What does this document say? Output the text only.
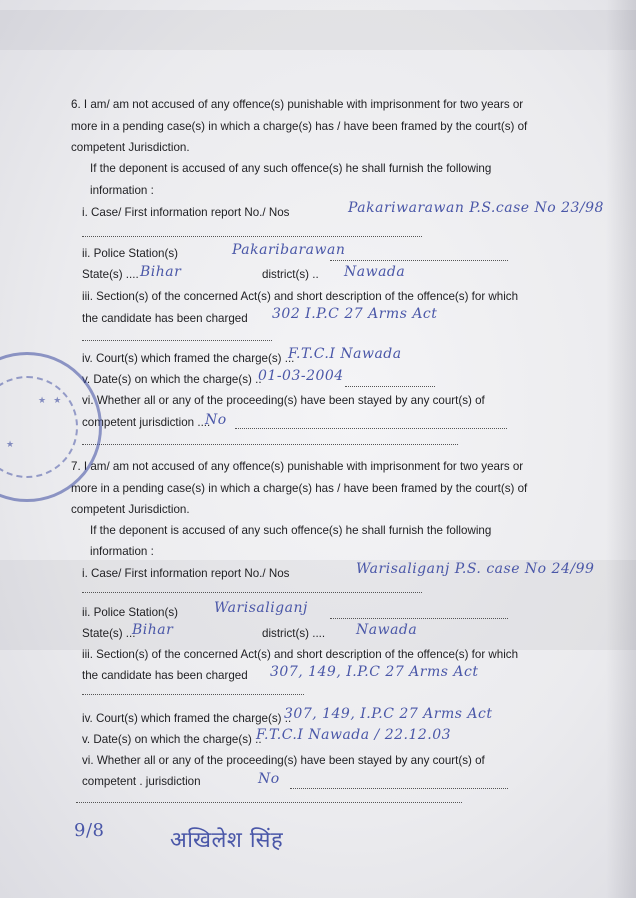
6. I am/ am not accused of any offence(s) punishable with imprisonment for two years or
more in a pending case(s) in which a charge(s) has / have been framed by the court(s) of
competent Jurisdiction.
If the deponent is accused of any such offence(s) he shall furnish the following
information :
i. Case/ First information report No./ Nos	Pakariwarawan P.S.case No 23/98
ii. Police Station(s)	Pakaribarawan
State(s) .... Bihar	district(s) .. Nawada
iii. Section(s) of the concerned Act(s) and short description of the offence(s) for which
the candidate has been charged 302 I.P.C 27 Arms Act
iv. Court(s) which framed the charge(s) ...
F.T.C.I Nawada
v. Date(s) on which the charge(s) ..
01-03-2004
vi. Whether all or any of the proceeding(s) have been stayed by any court(s) of
competent jurisdiction ....
No
7. I am/ am not accused of any offence(s) punishable with imprisonment for two years or
more in a pending case(s) in which a charge(s) has / have been framed by the court(s) of
competent Jurisdiction.
If the deponent is accused of any such offence(s) he shall furnish the following
information :
i. Case/ First information report No./ Nos	Warisaliganj P.S. case No 24/99
ii. Police Station(s)	Warisaliganj
State(s) ...
Bihar	district(s) .... Nawada
iii. Section(s) of the concerned Act(s) and short description of the offence(s) for which
the candidate has been charged 307, 149, I.P.C 27 Arms Act
iv. Court(s) which framed the charge(s) ..
307, 149, I.P.C 27 Arms Act
v. Date(s) on which the charge(s) ..
F.T.C.I Nawada / 22.12.03
vi. Whether all or any of the proceeding(s) have been stayed by any court(s) of
competent . jurisdiction	No
9/8	अखिलेश सिंह
★ ★
★
